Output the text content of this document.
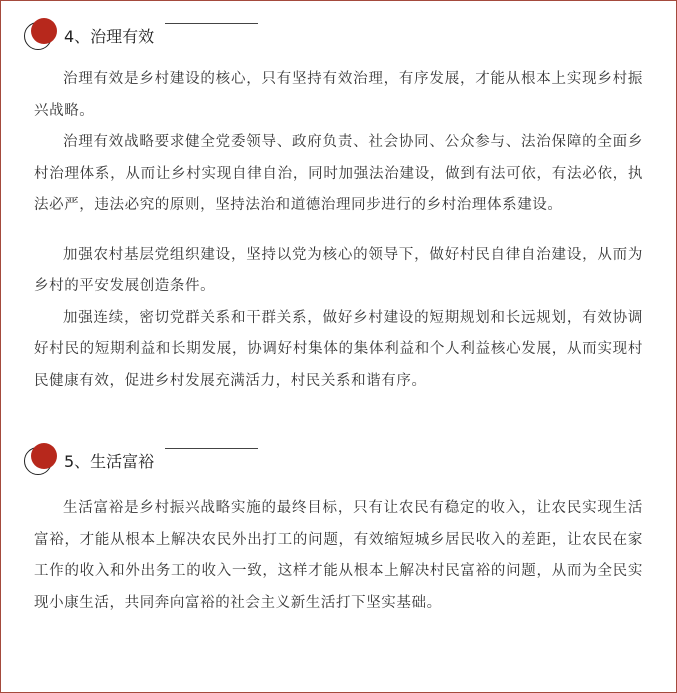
4、治理有效

治理有效是乡村建设的核心，只有坚持有效治理，有序发展，才能从根本上实现乡村振兴战略。

治理有效战略要求健全党委领导、政府负责、社会协同、公众参与、法治保障的全面乡村治理体系，从而让乡村实现自律自治，同时加强法治建设，做到有法可依，有法必依，执法必严，违法必究的原则，坚持法治和道德治理同步进行的乡村治理体系建设。

加强农村基层党组织建设，坚持以党为核心的领导下，做好村民自律自治建设，从而为乡村的平安发展创造条件。

加强连续，密切党群关系和干群关系，做好乡村建设的短期规划和长远规划，有效协调好村民的短期利益和长期发展，协调好村集体的集体利益和个人利益核心发展，从而实现村民健康有效，促进乡村发展充满活力，村民关系和谐有序。

5、生活富裕

生活富裕是乡村振兴战略实施的最终目标，只有让农民有稳定的收入，让农民实现生活富裕，才能从根本上解决农民外出打工的问题，有效缩短城乡居民收入的差距，让农民在家工作的收入和外出务工的收入一致，这样才能从根本上解决村民富裕的问题，从而为全民实现小康生活，共同奔向富裕的社会主义新生活打下坚实基础。
